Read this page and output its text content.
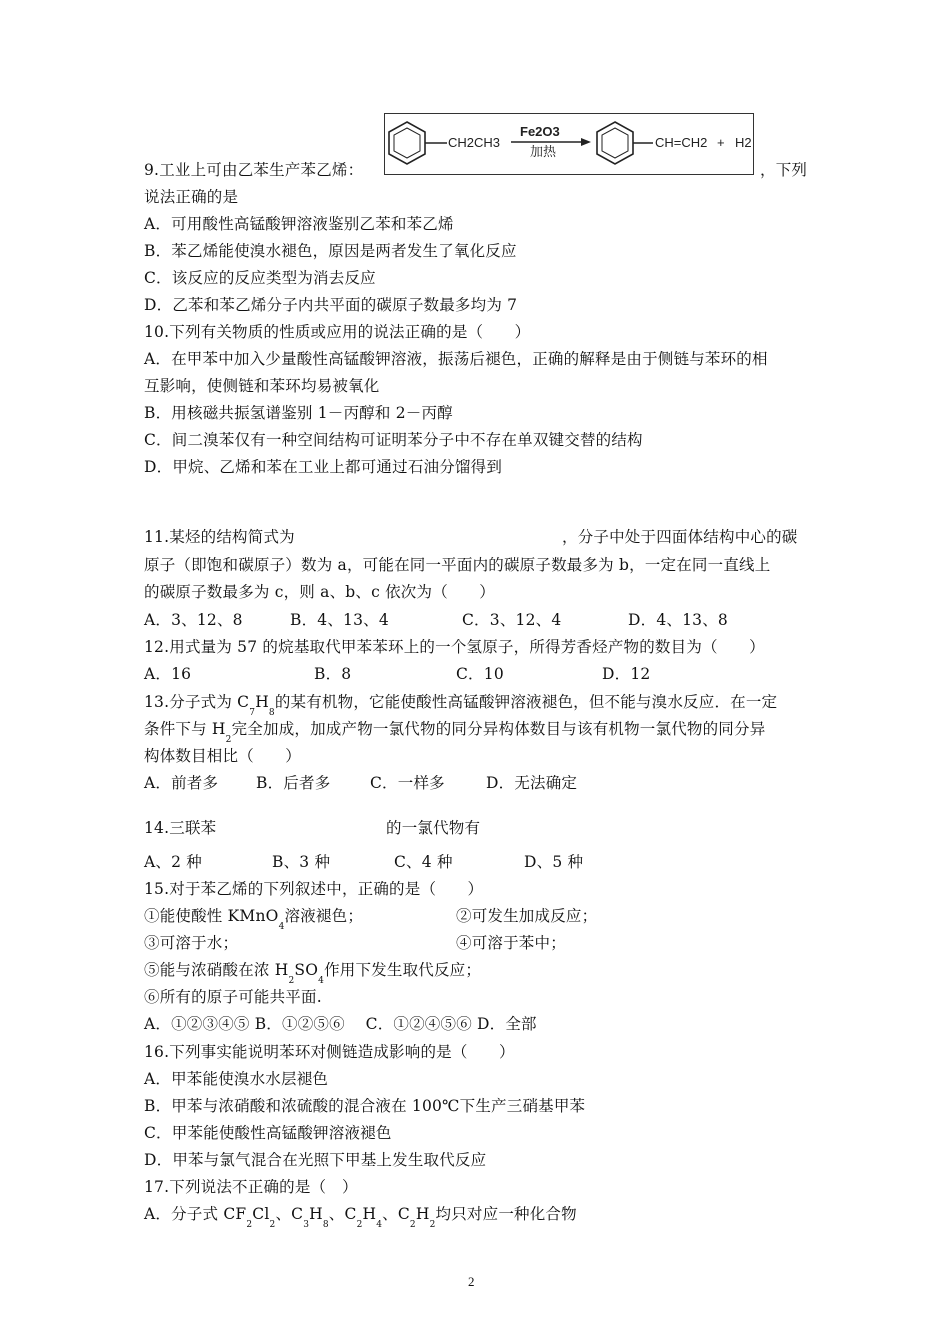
CH2CH3
Fe2O3
加热
CH=CH2 + H2
9.工业上可由乙苯生产苯乙烯：	，下列
说法正确的是
A．可用酸性高锰酸钾溶液鉴别乙苯和苯乙烯
B．苯乙烯能使溴水褪色，原因是两者发生了氧化反应
C．该反应的反应类型为消去反应
D．乙苯和苯乙烯分子内共平面的碳原子数最多均为 7
10.下列有关物质的性质或应用的说法正确的是（　　）
A．在甲苯中加入少量酸性高锰酸钾溶液，振荡后褪色，正确的解释是由于侧链与苯环的相
互影响，使侧链和苯环均易被氧化
B．用核磁共振氢谱鉴别 1－丙醇和 2－丙醇
C．间二溴苯仅有一种空间结构可证明苯分子中不存在单双键交替的结构
D．甲烷、乙烯和苯在工业上都可通过石油分馏得到
11.某烃的结构简式为	，分子中处于四面体结构中心的碳
原子（即饱和碳原子）数为 a，可能在同一平面内的碳原子数最多为 b，一定在同一直线上
的碳原子数最多为 c，则 a、b、c 依次为（　　）
A．3、12、8	B．4、13、4	C．3、12、4	D．4、13、8
12.用式量为 57 的烷基取代甲苯苯环上的一个氢原子，所得芳香烃产物的数目为（　　）
A．16	B．8	C．10	D．12
13.分子式为 $C_7H_8$的某有机物，它能使酸性高锰酸钾溶液褪色，但不能与溴水反应．在一定
条件下与 $H_2$完全加成，加成产物一氯代物的同分异构体数目与该有机物一氯代物的同分异
构体数目相比（　　）
A．前者多 B．后者多	C．一样多	D．无法确定
14.三联苯	的一氯代物有
A、2 种	B、3 种	C、4 种	D、5 种
15.对于苯乙烯的下列叙述中，正确的是（　　）
①能使酸性 KMnO$_4$溶液褪色；	②可发生加成反应；
③可溶于水；	④可溶于苯中；
⑤能与浓硝酸在浓 $H_2SO_4$作用下发生取代反应；
⑥所有的原子可能共平面.
A．①②③④⑤ B．①②⑤⑥　 C．①②④⑤⑥ D．全部
16.下列事实能说明苯环对侧链造成影响的是（　　）
A．甲苯能使溴水水层褪色
B．甲苯与浓硝酸和浓硫酸的混合液在 100℃下生产三硝基甲苯
C．甲苯能使酸性高锰酸钾溶液褪色
D．甲苯与氯气混合在光照下甲基上发生取代反应
17.下列说法不正确的是（　）
A．分子式 $CF_2Cl_2$、$C_3H_8$、$C_2H_4$、$C_2H_2$均只对应一种化合物
2
